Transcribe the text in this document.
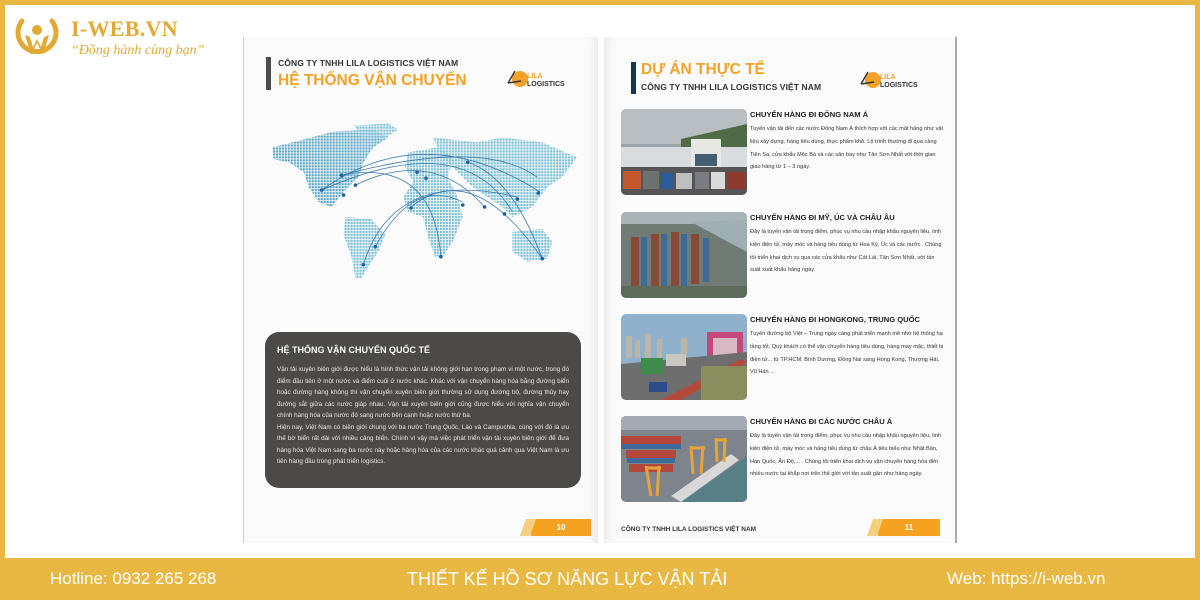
I-WEB.VN
“Đồng hành cùng bạn”
CÔNG TY TNHH LILA LOGISTICS VIỆT NAM
HỆ THỐNG VẬN CHUYỂN	LILA
LOGISTICS
HỆ THỐNG VẬN CHUYỂN QUỐC TẾ

Vận tải xuyên biên giới được hiểu là hình thức vận tải không giới hạn trong phạm vi một nước, trong đó điểm đầu tiên ở một nước và điểm cuối ở nước khác. Khác với vận chuyển hàng hóa bằng đường biển hoặc đường hàng không thì vận chuyển xuyên biên giới thường sử dụng đường bộ, đường thủy hay đường sắt giữa các nước giáp nhau. Vận tải xuyên biên giới cũng được hiểu với nghĩa vận chuyển chính hàng hóa của nước đó sang nước bên cạnh hoặc nước thứ ba.

Hiện nay, Việt Nam có biên giới chung với ba nước Trung Quốc, Lào và Campuchia, cùng với đó là ưu thế bờ biển rất dài với nhiều cảng biển. Chính vì vậy mà việc phát triển vận tải xuyên biên giới để đưa hàng hóa Việt Nam sang ba nước này hoặc hàng hóa của các nước khác quá cảnh qua Việt Nam là ưu tiên hàng đầu trong phát triển logistics.

10
DỰ ÁN THỰC TẾ
CÔNG TY TNHH LILA LOGISTICS VIỆT NAM
LILA
LOGISTICS
CHUYỂN HÀNG ĐI ĐÔNG NAM Á

Tuyến vận tải đến các nước Đông Nam Á thích hợp với các mặt hàng như vật liệu xây dựng, hàng tiêu dùng, thực phẩm khô. Lộ trình thường đi qua cảng Tiên Sa, cửa khẩu Mộc Bà và các sân bay như Tân Sơn Nhất với thời gian giao hàng từ 1 – 3 ngày.

CHUYỂN HÀNG ĐI MỸ, ÚC VÀ CHÂU ÂU

Đây là tuyến vận tải trọng điểm, phục vụ nhu cầu nhập khẩu nguyên liệu, linh kiện điện tử, máy móc và hàng tiêu dùng từ Hoa Kỳ, Úc và các nước . Chúng tôi triển khai dịch vụ qua các cửa khẩu như Cát Lái, Tân Sơn Nhất, với tần suất xuất khẩu hàng ngày.

CHUYỂN HÀNG ĐI HONGKONG, TRUNG QUỐC

Tuyến đường bộ Việt – Trung ngày càng phát triển mạnh mẽ nhờ hệ thống hạ tầng tốt. Quý khách có thể vận chuyển hàng tiêu dùng, hàng may mặc, thiết bị điện tử... từ TP.HCM, Bình Dương, Đồng Nai sang Hong Kong, Thượng Hải, Vũ Hán ...

CHUYỂN HÀNG ĐI CÁC NƯỚC CHÂU Á

Đây là tuyến vận tải trọng điểm, phục vụ nhu cầu nhập khẩu nguyên liệu, linh kiện điện tử, máy móc và hàng tiêu dùng từ châu Á tiêu biểu như Nhật Bản, Hàn Quốc, Ấn Độ,... . Chúng tôi triển khai dịch vụ vận chuyển hàng hóa đến nhiều nước tại khắp nơi trên thế giới với tần suất gần như hàng ngày.

CÔNG TY TNHH LILA LOGISTICS VIỆT NAM	11
Hotline: 0932 265 268	THIẾT KẾ HỒ SƠ NĂNG LỰC VẬN TẢI	Web: https://i-web.vn
